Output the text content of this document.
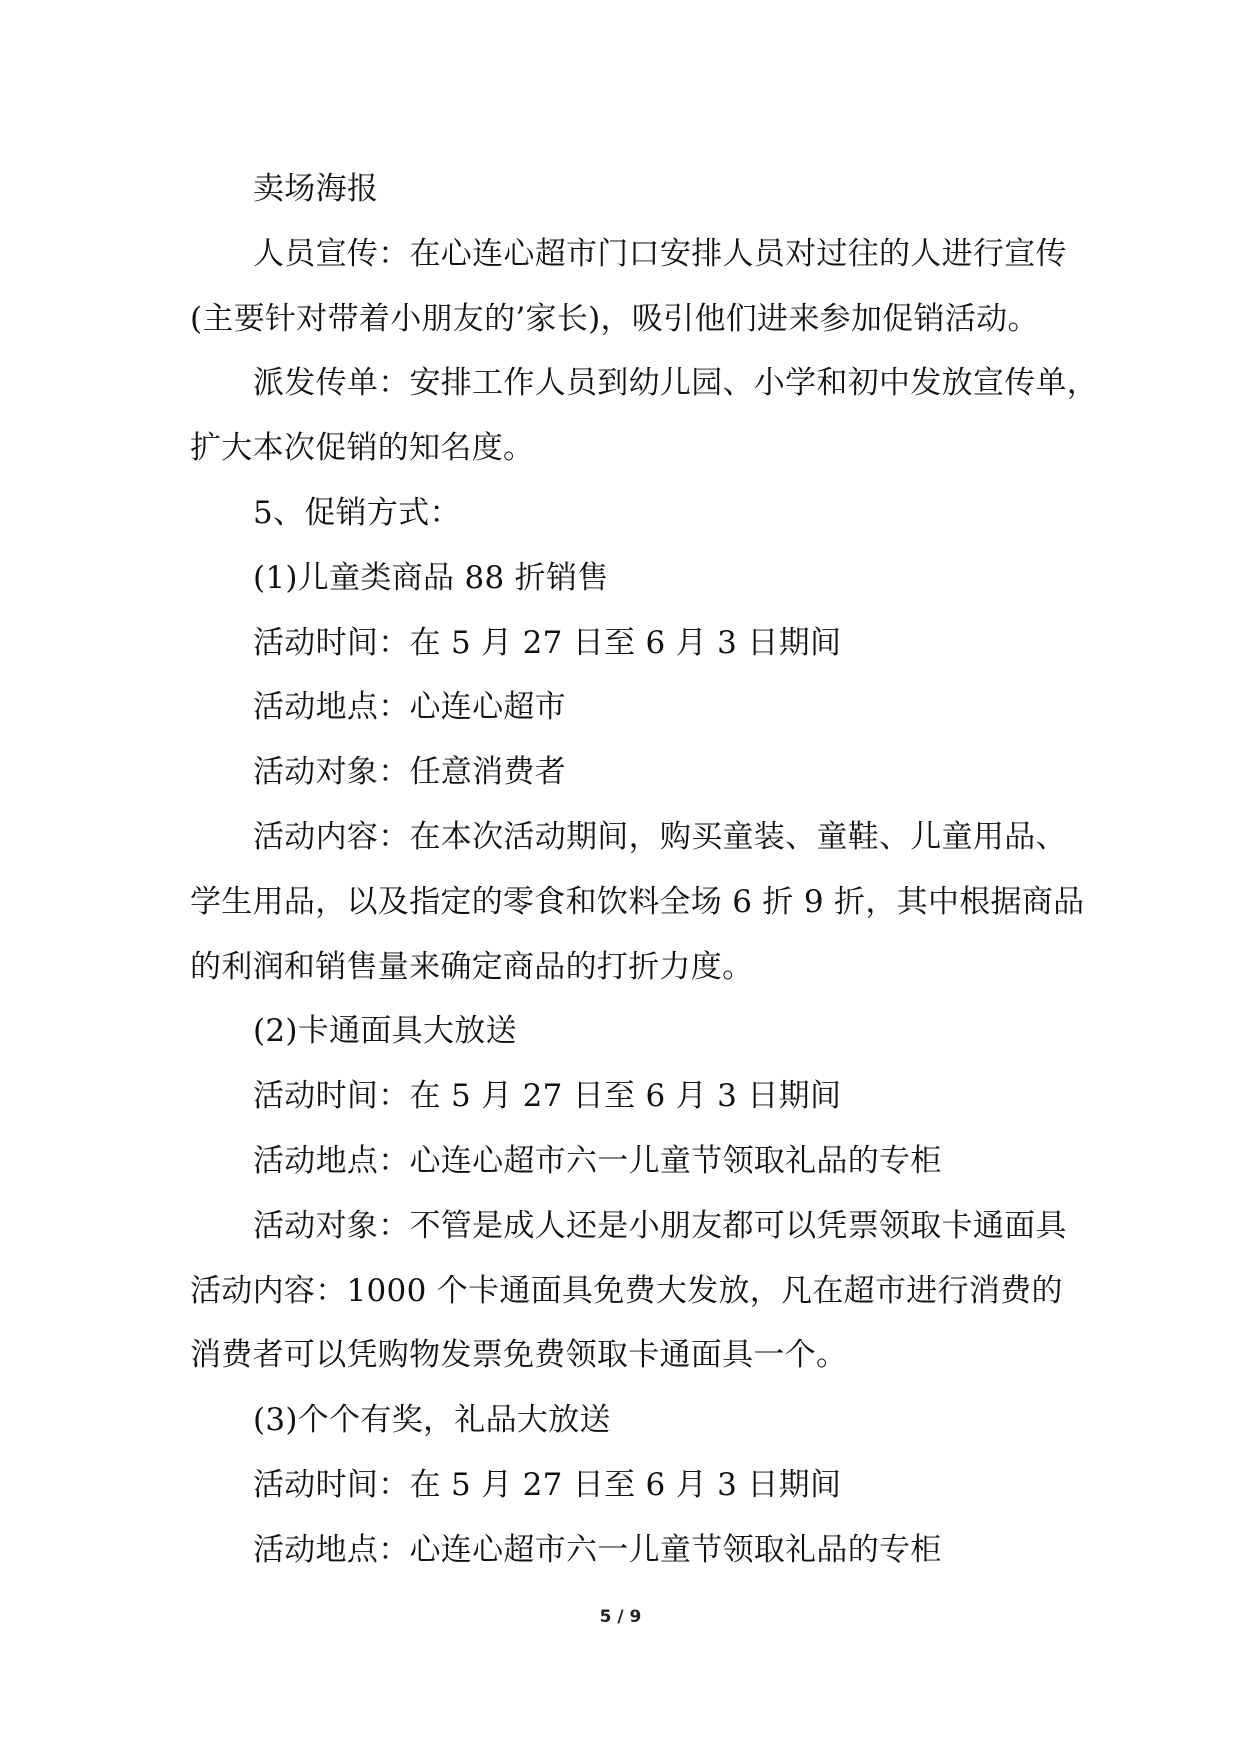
卖场海报
人员宣传：在心连心超市门口安排人员对过往的人进行宣传
(主要针对带着小朋友的’家长)，吸引他们进来参加促销活动。
派发传单：安排工作人员到幼儿园、小学和初中发放宣传单，
扩大本次促销的知名度。
5、促销方式：
(1)儿童类商品 88 折销售
活动时间：在 5 月 27 日至 6 月 3 日期间
活动地点：心连心超市
活动对象：任意消费者
活动内容：在本次活动期间，购买童装、童鞋、儿童用品、
学生用品，以及指定的零食和饮料全场 6 折 9 折，其中根据商品
的利润和销售量来确定商品的打折力度。
(2)卡通面具大放送
活动时间：在 5 月 27 日至 6 月 3 日期间
活动地点：心连心超市六一儿童节领取礼品的专柜
活动对象：不管是成人还是小朋友都可以凭票领取卡通面具
活动内容：1000 个卡通面具免费大发放，凡在超市进行消费的
消费者可以凭购物发票免费领取卡通面具一个。
(3)个个有奖，礼品大放送
活动时间：在 5 月 27 日至 6 月 3 日期间
活动地点：心连心超市六一儿童节领取礼品的专柜
5 / 9
